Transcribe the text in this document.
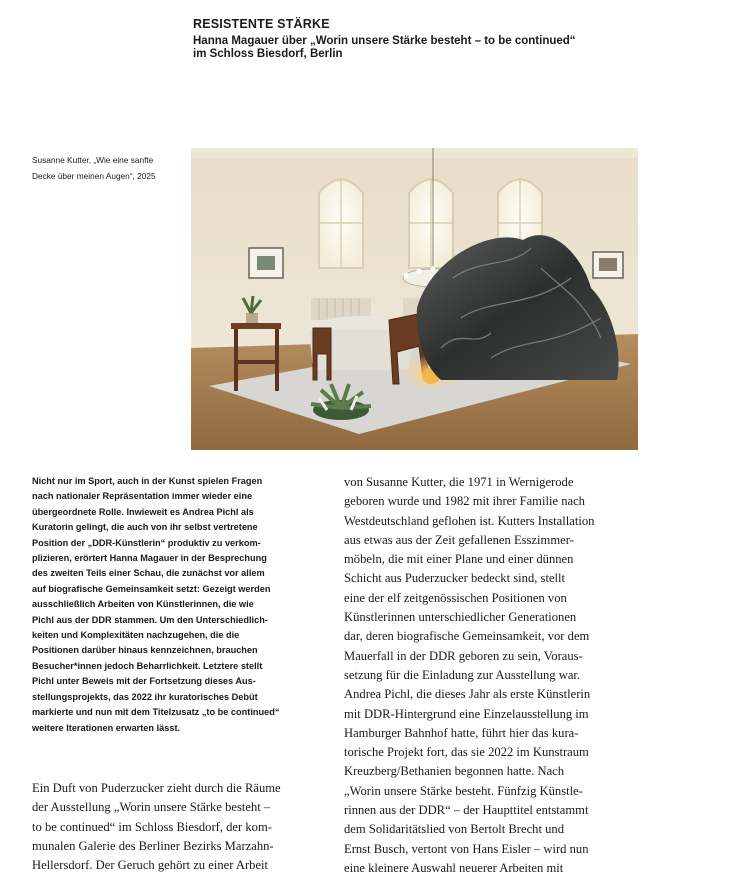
RESISTENTE STÄRKE
Hanna Magauer über „Worin unsere Stärke besteht – to be continued“
im Schloss Biesdorf, Berlin
Susanne Kutter, „Wie eine sanfte
Decke über meinen Augen“, 2025
Nicht nur im Sport, auch in der Kunst spielen Fragen
nach nationaler Repräsentation immer wieder eine
übergeordnete Rolle. Inwieweit es Andrea Pichl als
Kuratorin gelingt, die auch von ihr selbst vertretene
Position der „DDR-Künstlerin“ produktiv zu verkom-
plizieren, erörtert Hanna Magauer in der Besprechung
des zweiten Teils einer Schau, die zunächst vor allem
auf biografische Gemeinsamkeit setzt: Gezeigt werden
ausschließlich Arbeiten von Künstlerinnen, die wie
Pichl aus der DDR stammen. Um den Unterschiedlich-
keiten und Komplexitäten nachzugehen, die die
Positionen darüber hinaus kennzeichnen, brauchen
Besucher*innen jedoch Beharrlichkeit. Letztere stellt
Pichl unter Beweis mit der Fortsetzung dieses Aus-
stellungsprojekts, das 2022 ihr kuratorisches Debüt
markierte und nun mit dem Titelzusatz „to be continued“
weitere Iterationen erwarten lässt.
Ein Duft von Puderzucker zieht durch die Räume
der Ausstellung „Worin unsere Stärke besteht –
to be continued“ im Schloss Biesdorf, der kom-
munalen Galerie des Berliner Bezirks Marzahn-
Hellersdorf. Der Geruch gehört zu einer Arbeit
von Susanne Kutter, die 1971 in Wernigerode
geboren wurde und 1982 mit ihrer Familie nach
Westdeutschland geflohen ist. Kutters Installation
aus etwas aus der Zeit gefallenen Esszimmer-
möbeln, die mit einer Plane und einer dünnen
Schicht aus Puderzucker bedeckt sind, stellt
eine der elf zeitgenössischen Positionen von
Künstlerinnen unterschiedlicher Generationen
dar, deren biografische Gemeinsamkeit, vor dem
Mauerfall in der DDR geboren zu sein, Voraus-
setzung für die Einladung zur Ausstellung war.
Andrea Pichl, die dieses Jahr als erste Künstlerin
mit DDR-Hintergrund eine Einzelausstellung im
Hamburger Bahnhof hatte, führt hier das kura-
torische Projekt fort, das sie 2022 im Kunstraum
Kreuzberg/Bethanien begonnen hatte. Nach
„Worin unsere Stärke besteht. Fünfzig Künstle-
rinnen aus der DDR“ – der Haupttitel entstammt
dem Solidaritätslied von Bertolt Brecht und
Ernst Busch, vertont von Hans Eisler – wird nun
eine kleinere Auswahl neuerer Arbeiten mit
